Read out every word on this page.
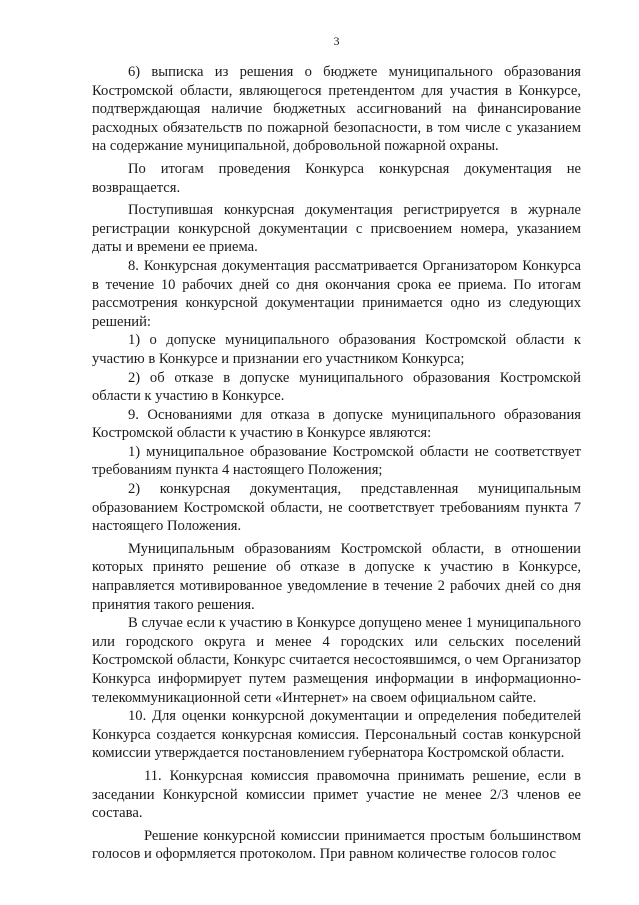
3

6) выписка из решения о бюджете муниципального образования Костромской области, являющегося претендентом для участия в Конкурсе, подтверждающая наличие бюджетных ассигнований на финансирование расходных обязательств по пожарной безопасности, в том числе с указанием на содержание муниципальной, добровольной пожарной охраны.

По итогам проведения Конкурса конкурсная документация не возвращается.

Поступившая конкурсная документация регистрируется в журнале регистрации конкурсной документации с присвоением номера, указанием даты и времени ее приема.

8. Конкурсная документация рассматривается Организатором Конкурса в течение 10 рабочих дней со дня окончания срока ее приема. По итогам рассмотрения конкурсной документации принимается одно из следующих решений:

1) о допуске муниципального образования Костромской области к участию в Конкурсе и признании его участником Конкурса;

2) об отказе в допуске муниципального образования Костромской области к участию в Конкурсе.

9. Основаниями для отказа в допуске муниципального образования Костромской области к участию в Конкурсе являются:

1) муниципальное образование Костромской области не соответствует требованиям пункта 4 настоящего Положения;

2) конкурсная документация, представленная муниципальным образованием Костромской области, не соответствует требованиям пункта 7 настоящего Положения.

Муниципальным образованиям Костромской области, в отношении которых принято решение об отказе в допуске к участию в Конкурсе, направляется мотивированное уведомление в течение 2 рабочих дней со дня принятия такого решения.

В случае если к участию в Конкурсе допущено менее 1 муниципального или городского округа и менее 4 городских или сельских поселений Костромской области, Конкурс считается несостоявшимся, о чем Организатор Конкурса информирует путем размещения информации в информационно-телекоммуникационной сети «Интернет» на своем официальном сайте.

10. Для оценки конкурсной документации и определения победителей Конкурса создается конкурсная комиссия. Персональный состав конкурсной комиссии утверждается постановлением губернатора Костромской области.

11. Конкурсная комиссия правомочна принимать решение, если в заседании Конкурсной комиссии примет участие не менее 2/3 членов ее состава.

Решение конкурсной комиссии принимается простым большинством голосов и оформляется протоколом. При равном количестве голосов голос
